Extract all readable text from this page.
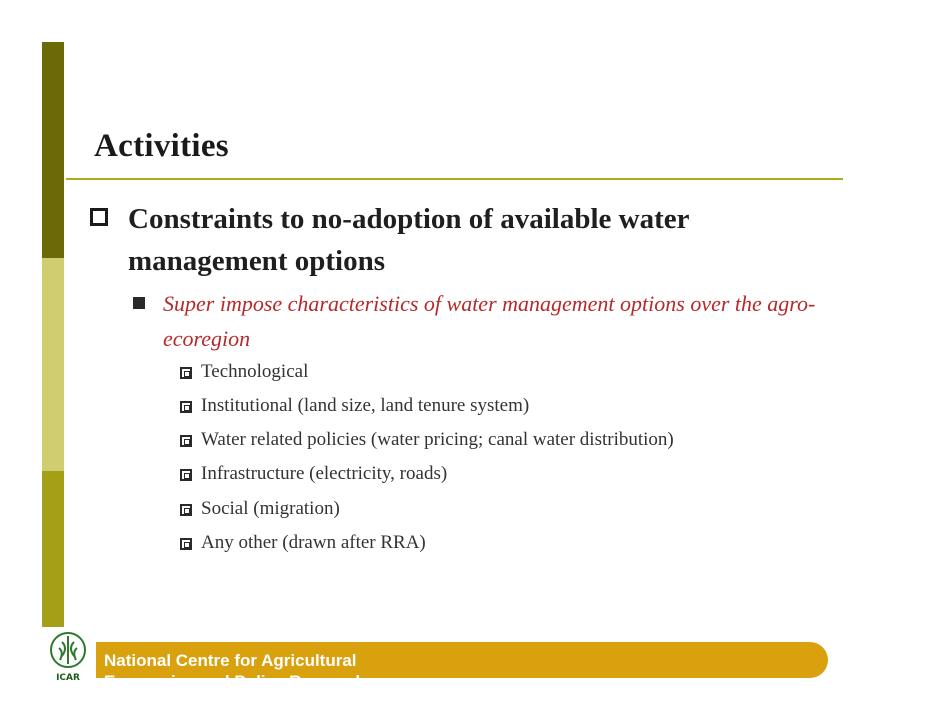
Activities
Constraints to no-adoption of available water management options
Super impose characteristics of water management options over the agro-ecoregion
Technological
Institutional (land size, land tenure system)
Water related policies (water pricing; canal water distribution)
Infrastructure (electricity, roads)
Social (migration)
Any other (drawn after RRA)
ICAR
National Centre for Agricultural
Economics and Policy Research
